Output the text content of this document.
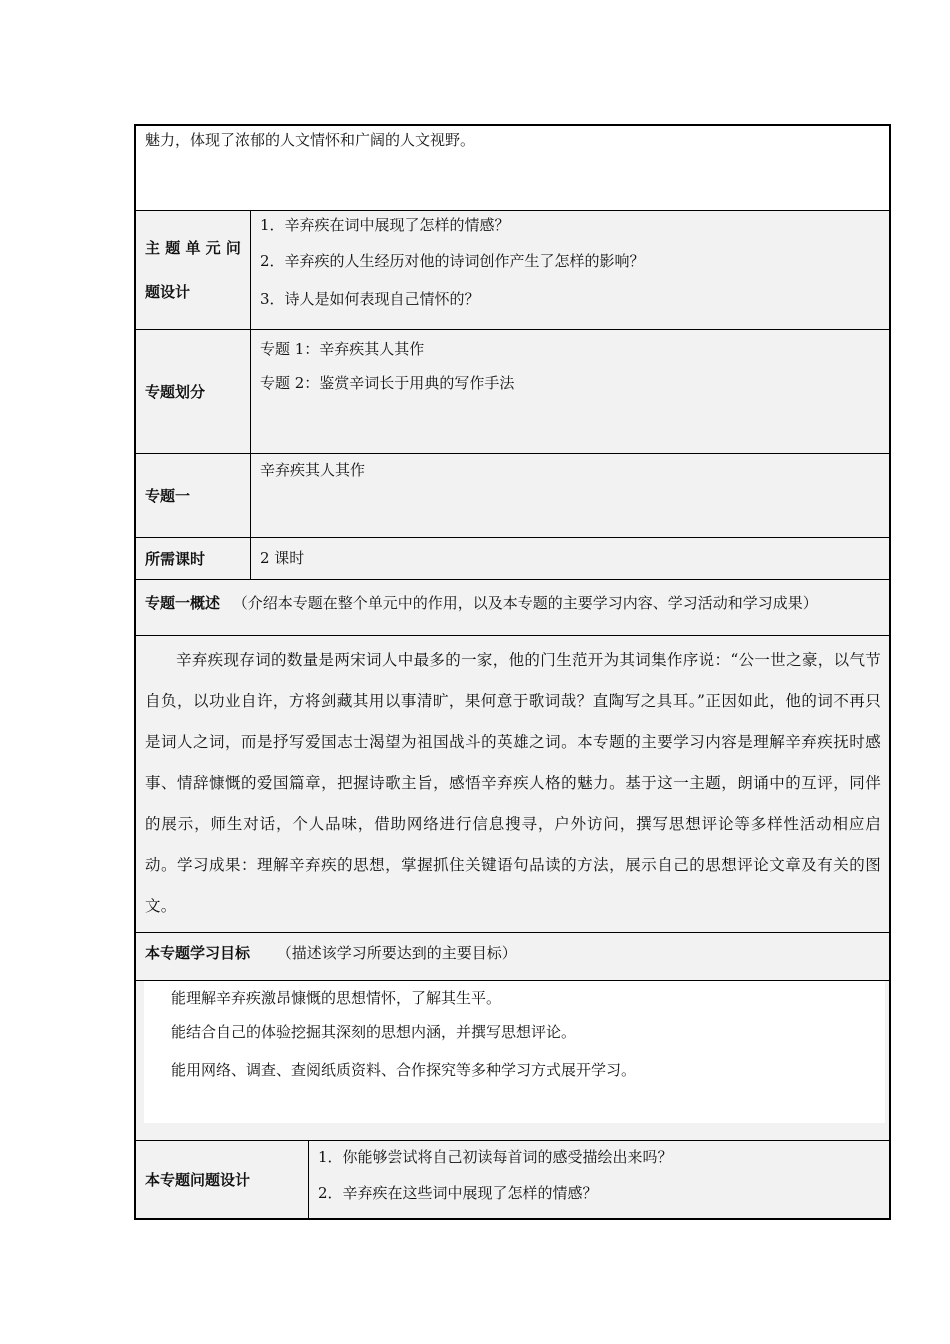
魅力，体现了浓郁的人文情怀和广阔的人文视野。
主 题 单 元 问
题设计
1．辛弃疾在词中展现了怎样的情感？
2．辛弃疾的人生经历对他的诗词创作产生了怎样的影响？
3．诗人是如何表现自己情怀的？
专题划分
专题 1：辛弃疾其人其作
专题 2：鉴赏辛词长于用典的写作手法
专题一
辛弃疾其人其作
所需课时	2 课时
专题一概述 （介绍本专题在整个单元中的作用，以及本专题的主要学习内容、学习活动和学习成果）
辛弃疾现存词的数量是两宋词人中最多的一家，他的门生范开为其词集作序说：“公一世之豪，以气节自负，以功业自许，方将剑藏其用以事清旷，果何意于歌词哉？直陶写之具耳。”正因如此，他的词不再只是词人之词，而是抒写爱国志士渴望为祖国战斗的英雄之词。本专题的主要学习内容是理解辛弃疾抚时感事、情辞慷慨的爱国篇章，把握诗歌主旨，感悟辛弃疾人格的魅力。基于这一主题，朗诵中的互评，同伴的展示，师生对话，个人品味，借助网络进行信息搜寻，户外访问，撰写思想评论等多样性活动相应启动。学习成果：理解辛弃疾的思想，掌握抓住关键语句品读的方法，展示自己的思想评论文章及有关的图文。
本专题学习目标 （描述该学习所要达到的主要目标）
能理解辛弃疾激昂慷慨的思想情怀，了解其生平。
能结合自己的体验挖掘其深刻的思想内涵，并撰写思想评论。
能用网络、调查、查阅纸质资料、合作探究等多种学习方式展开学习。
本专题问题设计
1．你能够尝试将自己初读每首词的感受描绘出来吗？
2．辛弃疾在这些词中展现了怎样的情感？
